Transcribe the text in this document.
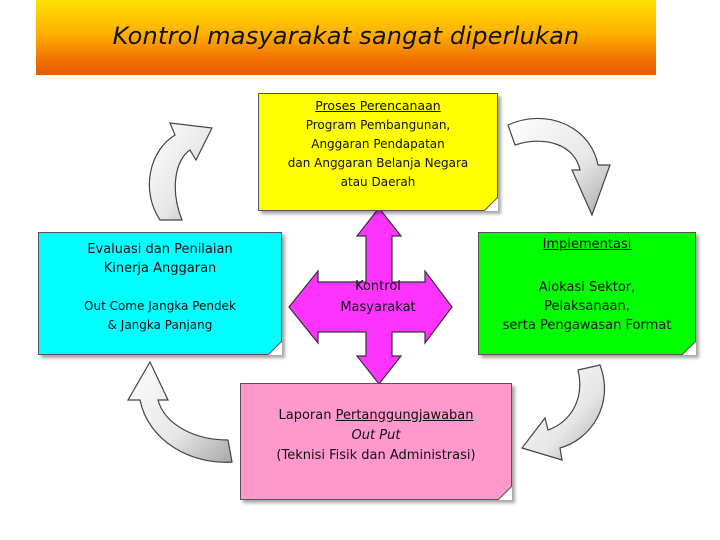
Kontrol masyarakat sangat diperlukan
Proses Perencanaan
Program Pembangunan,
Anggaran Pendapatan
dan Anggaran Belanja Negara
atau Daerah
Evaluasi dan Penilaian
Kinerja Anggaran
Out Come Jangka Pendek
& Jangka Panjang
Implementasi
Alokasi Sektor,
Pelaksanaan,
serta Pengawasan Format
Laporan Pertanggungjawaban
Out Put
(Teknisi Fisik dan Administrasi)
Kontrol
Masyarakat
